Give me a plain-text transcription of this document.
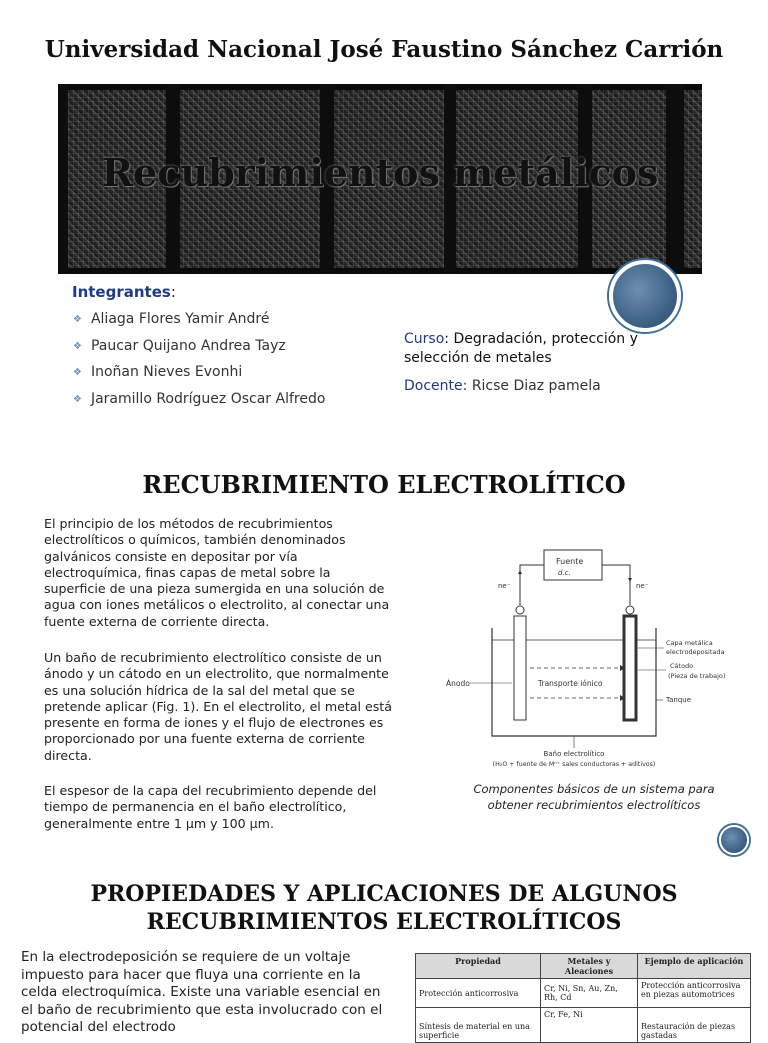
Universidad Nacional José Faustino Sánchez Carrión
Recubrimientos metálicos
Integrantes:
❖ Aliaga Flores Yamir André
❖ Paucar Quijano Andrea Tayz
❖ Inoñan Nieves Evonhi
❖ Jaramillo Rodríguez Oscar Alfredo
Curso: Degradación, protección y selección de metales
Docente: Ricse Diaz pamela
RECUBRIMIENTO ELECTROLÍTICO

El principio de los métodos de recubrimientos electrolíticos o químicos, también denominados galvánicos consiste en depositar por vía electroquímica, finas capas de metal sobre la superficie de una pieza sumergida en una solución de agua con iones metálicos o electrolito, al conectar una fuente externa de corriente directa.

Un baño de recubrimiento electrolítico consiste de un ánodo y un cátodo en un electrolito, que normalmente es una solución hídrica de la sal del metal que se pretende aplicar (Fig. 1). En el electrolito, el metal está presente en forma de iones y el flujo de electrones es proporcionado por una fuente externa de corriente directa.

El espesor de la capa del recubrimiento depende del tiempo de permanencia en el baño electrolítico, generalmente entre 1 µm y 100 µm.

Fuente
d.c.
ne⁻	ne⁻
Transporte iónico
Ánodo
Capa metálica
electrodepositada
Cátodo
(Pieza de trabajo)
Tanque
Baño electrolítico
(H₂O + fuente de Mⁿ⁺ sales conductoras + aditivos)
Componentes básicos de un sistema para obtener recubrimientos electrolíticos
PROPIEDADES Y APLICACIONES DE ALGUNOS
RECUBRIMIENTOS ELECTROLÍTICOS

En la electrodeposición se requiere de un voltaje impuesto para hacer que fluya una corriente en la celda electroquímica. Existe una variable esencial en el baño de recubrimiento que esta involucrado con el potencial del electrodo

Propiedad	Metales y Aleaciones	Ejemplo de aplicación
Protección anticorrosiva	Cr, Ni, Sn, Au, Zn, Rh, Cd	Protección anticorrosiva en piezas automotrices
Síntesis de material en una superficie	Cr, Fe, Ni	Restauración de piezas gastadas
